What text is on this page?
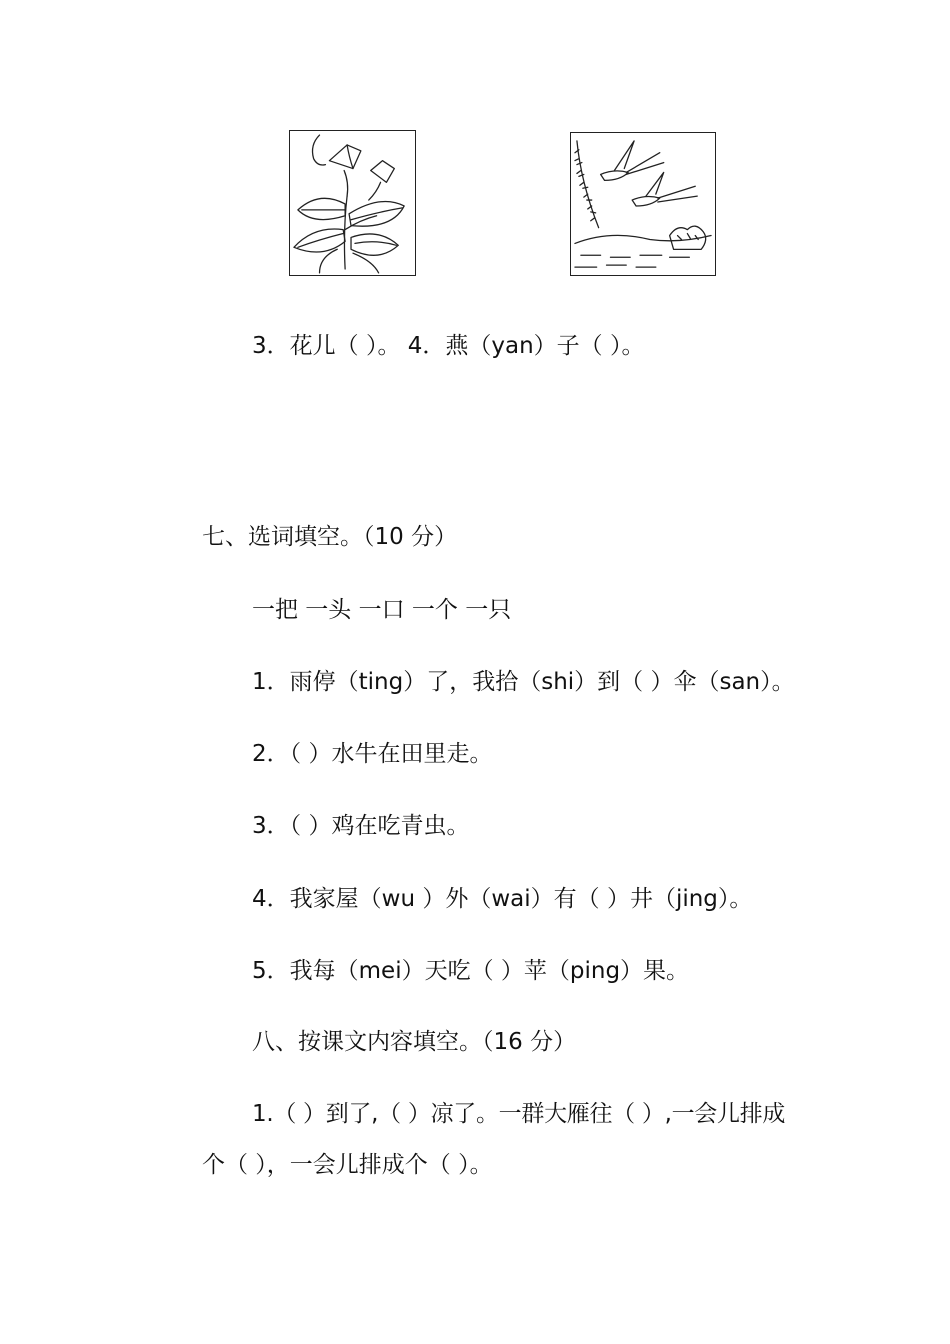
3．花儿（ ）。 4．燕（yan）子（ ）。
七、选词填空。（10 分）
一把 一头 一口 一个 一只
1．雨停（ting）了，我拾（shi）到（ ）伞（san）。
2．（ ）水牛在田里走。
3．（ ）鸡在吃青虫。
4．我家屋（wu ）外（wai）有（ ）井（jing）。
5．我每（mei）天吃（ ）苹（ping）果。
八、按课文内容填空。（16 分）
1.（ ）到了,（ ）凉了。一群大雁往（ ）,一会儿排成
个（ ），一会儿排成个（ ）。
